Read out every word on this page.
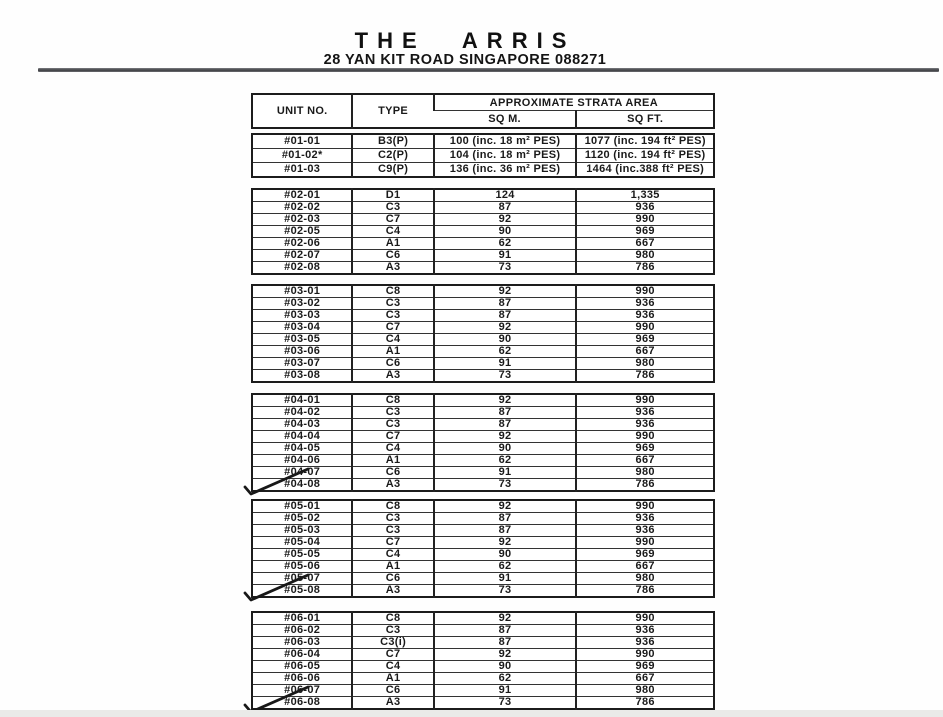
THE ARRIS
28 YAN KIT ROAD SINGAPORE 088271
UNIT NO.	TYPE	APPROXIMATE STRATA AREA	
		SQ M.	SQ FT.
#01-01	B3(P)	100 (inc. 18 m² PES)	1077 (inc. 194 ft² PES)
#01-02*	C2(P)	104 (inc. 18 m² PES)	1120 (inc. 194 ft² PES)
#01-03	C9(P)	136 (inc. 36 m² PES)	1464 (inc.388 ft² PES)
#02-01	D1	124	1,335
#02-02	C3	87	936
#02-03	C7	92	990
#02-05	C4	90	969
#02-06	A1	62	667
#02-07	C6	91	980
#02-08	A3	73	786
#03-01	C8	92	990
#03-02	C3	87	936
#03-03	C3	87	936
#03-04	C7	92	990
#03-05	C4	90	969
#03-06	A1	62	667
#03-07	C6	91	980
#03-08	A3	73	786
#04-01	C8	92	990
#04-02	C3	87	936
#04-03	C3	87	936
#04-04	C7	92	990
#04-05	C4	90	969
#04-06	A1	62	667
#04-07	C6	91	980
#04-08	A3	73	786
#05-01	C8	92	990
#05-02	C3	87	936
#05-03	C3	87	936
#05-04	C7	92	990
#05-05	C4	90	969
#05-06	A1	62	667
#05-07	C6	91	980
#05-08	A3	73	786
#06-01	C8	92	990
#06-02	C3	87	936
#06-03	C3(i)	87	936
#06-04	C7	92	990
#06-05	C4	90	969
#06-06	A1	62	667
#06-07	C6	91	980
#06-08	A3	73	786
